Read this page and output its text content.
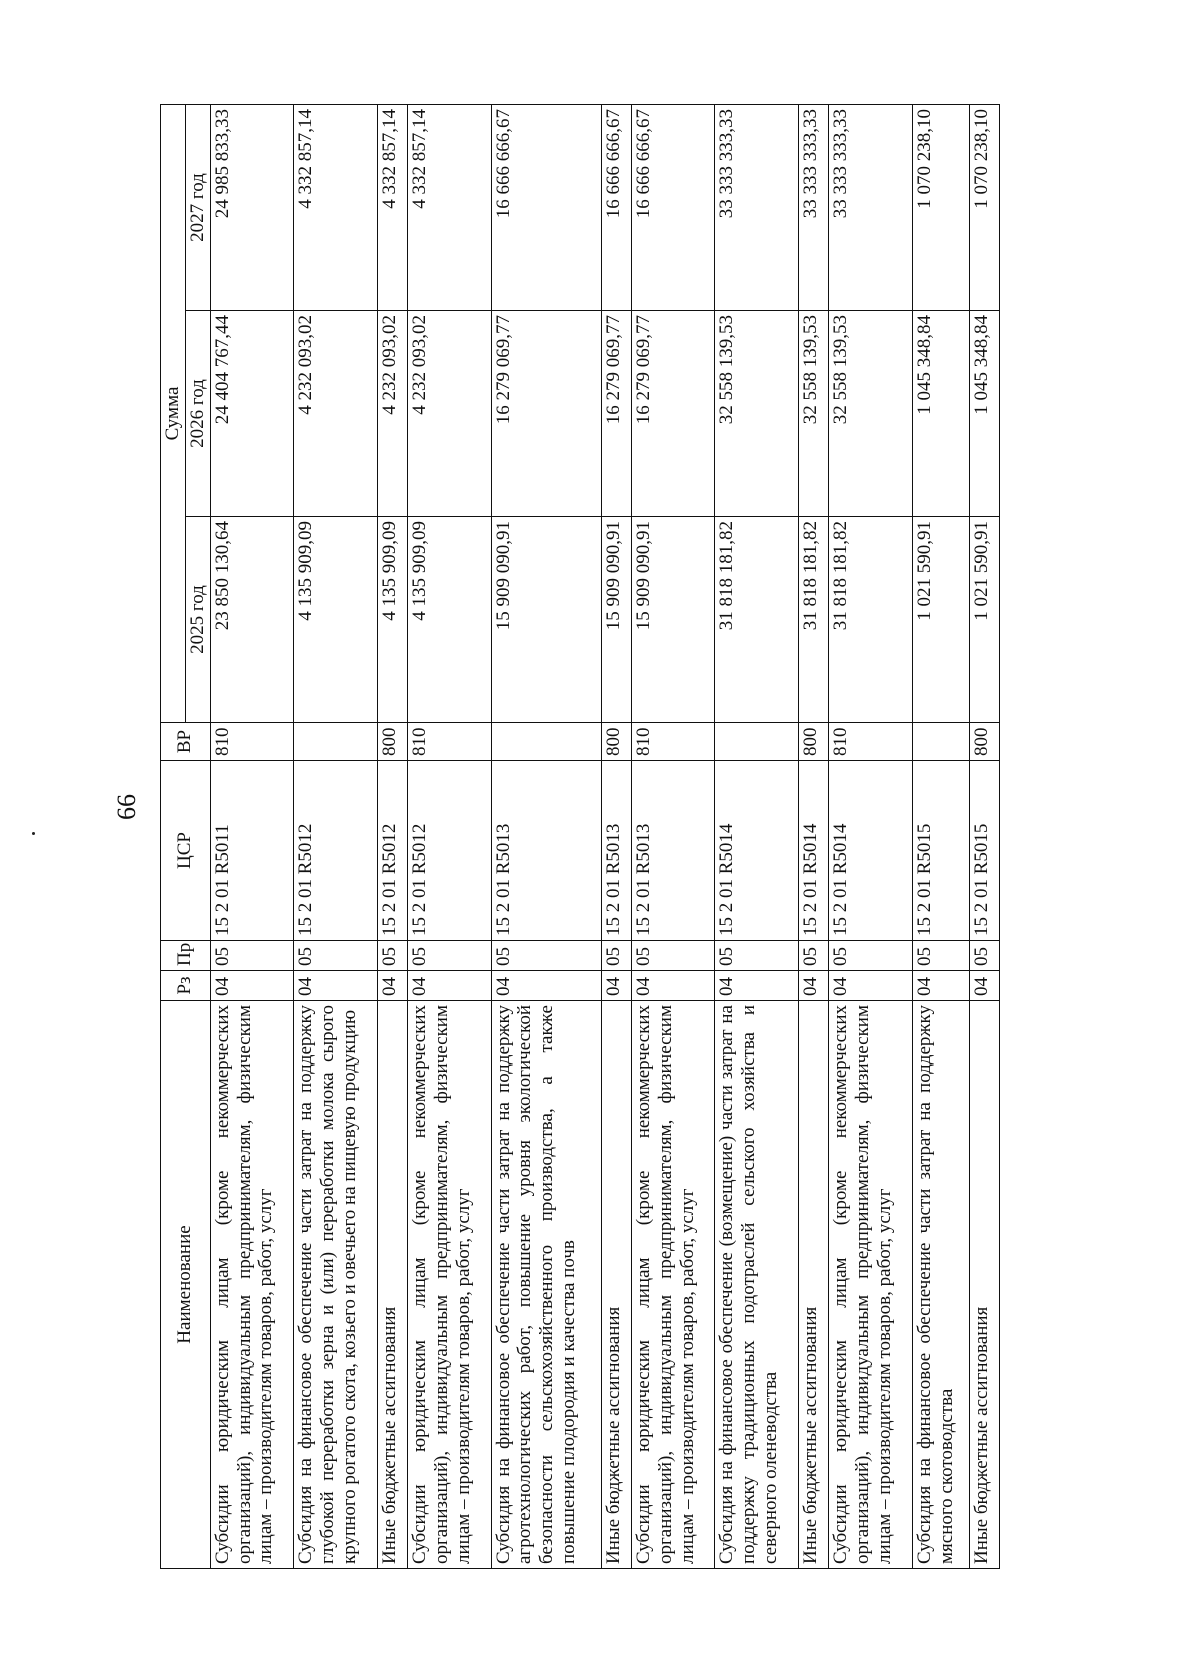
66
Наименование	Рз	Пр	ЦСР	ВР	Сумма		
					2025 год	2026 год	2027 год
Субсидии юридическим лицам (кроме некоммерческих организаций), индивидуальным предпринимателям, физическим лицам – производителям товаров, работ, услуг	04	05	15 2 01 R5011	810	23 850 130,64	24 404 767,44	24 985 833,33
Субсидия на финансовое обеспечение части затрат на поддержку глубокой переработки зерна и (или) переработки молока сырого крупного рогатого скота, козьего и овечьего на пищевую продукцию	04	05	15 2 01 R5012		4 135 909,09	4 232 093,02	4 332 857,14
Иные бюджетные ассигнования	04	05	15 2 01 R5012	800	4 135 909,09	4 232 093,02	4 332 857,14
Субсидии юридическим лицам (кроме некоммерческих организаций), индивидуальным предпринимателям, физическим лицам – производителям товаров, работ, услуг	04	05	15 2 01 R5012	810	4 135 909,09	4 232 093,02	4 332 857,14
Субсидия на финансовое обеспечение части затрат на поддержку агротехнологических работ, повышение уровня экологической безопасности сельскохозяйственного производства, а также повышение плодородия и качества почв	04	05	15 2 01 R5013		15 909 090,91	16 279 069,77	16 666 666,67
Иные бюджетные ассигнования	04	05	15 2 01 R5013	800	15 909 090,91	16 279 069,77	16 666 666,67
Субсидии юридическим лицам (кроме некоммерческих организаций), индивидуальным предпринимателям, физическим лицам – производителям товаров, работ, услуг	04	05	15 2 01 R5013	810	15 909 090,91	16 279 069,77	16 666 666,67
Субсидия на финансовое обеспечение (возмещение) части затрат на поддержку традиционных подотраслей сельского хозяйства и северного оленеводства	04	05	15 2 01 R5014		31 818 181,82	32 558 139,53	33 333 333,33
Иные бюджетные ассигнования	04	05	15 2 01 R5014	800	31 818 181,82	32 558 139,53	33 333 333,33
Субсидии юридическим лицам (кроме некоммерческих организаций), индивидуальным предпринимателям, физическим лицам – производителям товаров, работ, услуг	04	05	15 2 01 R5014	810	31 818 181,82	32 558 139,53	33 333 333,33
Субсидия на финансовое обеспечение части затрат на поддержку мясного скотоводства	04	05	15 2 01 R5015		1 021 590,91	1 045 348,84	1 070 238,10
Иные бюджетные ассигнования	04	05	15 2 01 R5015	800	1 021 590,91	1 045 348,84	1 070 238,10
